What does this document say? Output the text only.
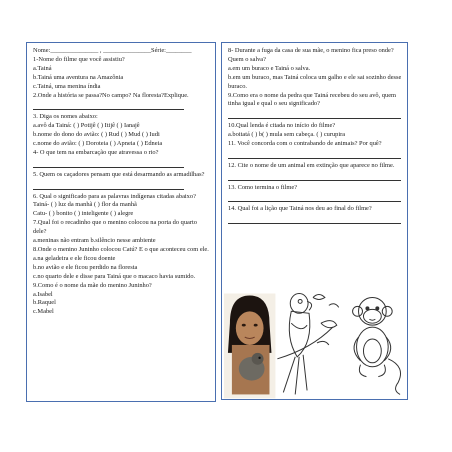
Nome:_______________ , _______________Série:________
1-Nome do filme que você assistiu?
a.Tainá
b.Tainá uma aventura na Amazônia
c.Tainá, uma menina índia
2.Onde a história se passa?No campo? Na floresta?Explique.
3. Diga os nomes abaixo:
a.avô da Tainá: ( ) Potijê ( ) Itijê ( ) Ianajê
b.nome do dono do avião: ( ) Rud ( ) Mud ( ) Iudi
c.nome do avião: ( ) Doroteia ( ) Apneia ( ) Edneia
4- O que tem na embarcação que atravessa o rio?
5. Quem os caçadores pensam que está desarmando as armadilhas?
6. Qual o significado para as palavras indígenas citadas abaixo?
Tainá- ( ) luz da manhã ( ) flor da manhã
Catu- ( ) bonito ( ) inteligente ( ) alegre
7.Qual foi o recadinho que o menino colocou na porta do quarto
dele?
a.meninas não entram b.silêncio nesse ambiente
8.Onde o menino Juninho colocou Catú? E o que aconteceu com ele.
a.na geladeira e ele ficou doente
b.no avião e ele ficou perdido na floresta
c.no quarto dele e disse para Tainá que o macaco havia sumido.
9.Como é o nome da mãe do menino Juninho?
a.Isabel
b.Raquel
c.Mabel
8- Durante a fuga da casa de sua mãe, o menino fica preso onde?
Quem o salva?
a.em um buraco e Tainá o salva.
b.em um buraco, mas Tainá coloca um galho e ele sai sozinho desse
buraco.
9.Como era o nome da pedra que Tainá recebeu do seu avô, quem
tinha igual e qual o seu significado?
10.Qual lenda é citada no início do filme?
a.boitatá ( ) b( ) mula sem cabeça. ( ) curupira
11. Você concorda com o contrabando de animais? Por quê?
12. Cite o nome de um animal em extinção que aparece no filme.
13. Como termina o filme?
14. Qual foi a lição que Tainá nos deu ao final do filme?
